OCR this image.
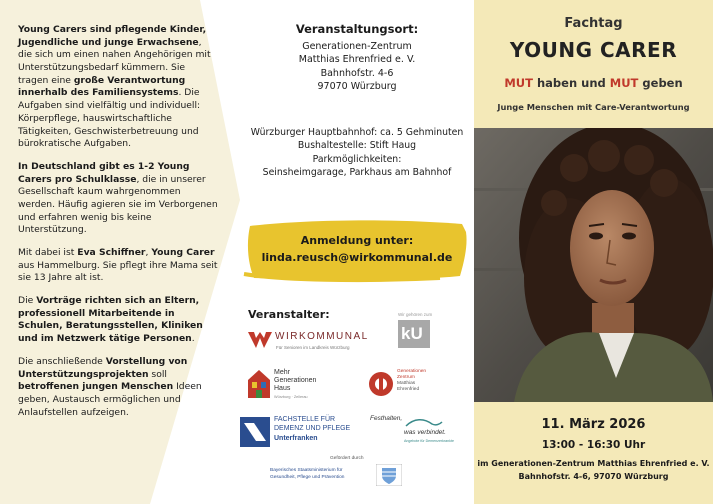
Young Carers sind pflegende Kinder, Jugendliche und junge Erwachsene, die sich um einen nahen Angehörigen mit Unterstützungsbedarf kümmern. Sie tragen eine große Verantwortung innerhalb des Familiensystems. Die Aufgaben sind vielfältig und individuell: Körperpflege, hauswirtschaftliche Tätigkeiten, Geschwisterbetreuung und bürokratische Aufgaben.

In Deutschland gibt es 1-2 Young Carers pro Schulklasse, die in unserer Gesellschaft kaum wahrgenommen werden. Häufig agieren sie im Verborgenen und erfahren wenig bis keine Unterstützung.

Mit dabei ist Eva Schiffner, Young Carer aus Hammelburg. Sie pflegt ihre Mama seit sie 13 Jahre alt ist.

Die Vorträge richten sich an Eltern, professionell Mitarbeitende in Schulen, Beratungsstellen, Kliniken und im Netzwerk tätige Personen.

Die anschließende Vorstellung von Unterstützungsprojekten soll betroffenen jungen Menschen Ideen geben, Austausch ermöglichen und Anlaufstellen aufzeigen.

Veranstaltungsort:
Generationen-Zentrum
Matthias Ehrenfried e. V.
Bahnhofstr. 4-6
97070 Würzburg
Würzburger Hauptbahnhof: ca. 5 Gehminuten
Bushaltestelle: Stift Haug
Parkmöglichkeiten:
Seinsheimgarage, Parkhaus am Bahnhof
Anmeldung unter:
linda.reusch@wirkommunal.de
Veranstalter:
WIRKOMMUNAL
Für Senioren im Landkreis Würzburg
Wir gehören zum
kU
Mehr
Generationen
Haus
Würzburg · Zellerau
Generationen
Zentrum
Matthias
Ehrenfried
FACHSTELLE FÜR
DEMENZ UND PFLEGE
Unterfranken
Festhalten,
was verbindet.
Angebote für Demenzerkrankte
Gefördert durch
Bayerisches Staatsministerium für
Gesundheit, Pflege und Prävention
Fachtag
YOUNG CARER
MUT haben und MUT geben
Junge Menschen mit Care-Verantwortung
11. März 2026
13:00 - 16:30 Uhr
im Generationen-Zentrum Matthias Ehrenfried e. V.
Bahnhofstr. 4-6, 97070 Würzburg
